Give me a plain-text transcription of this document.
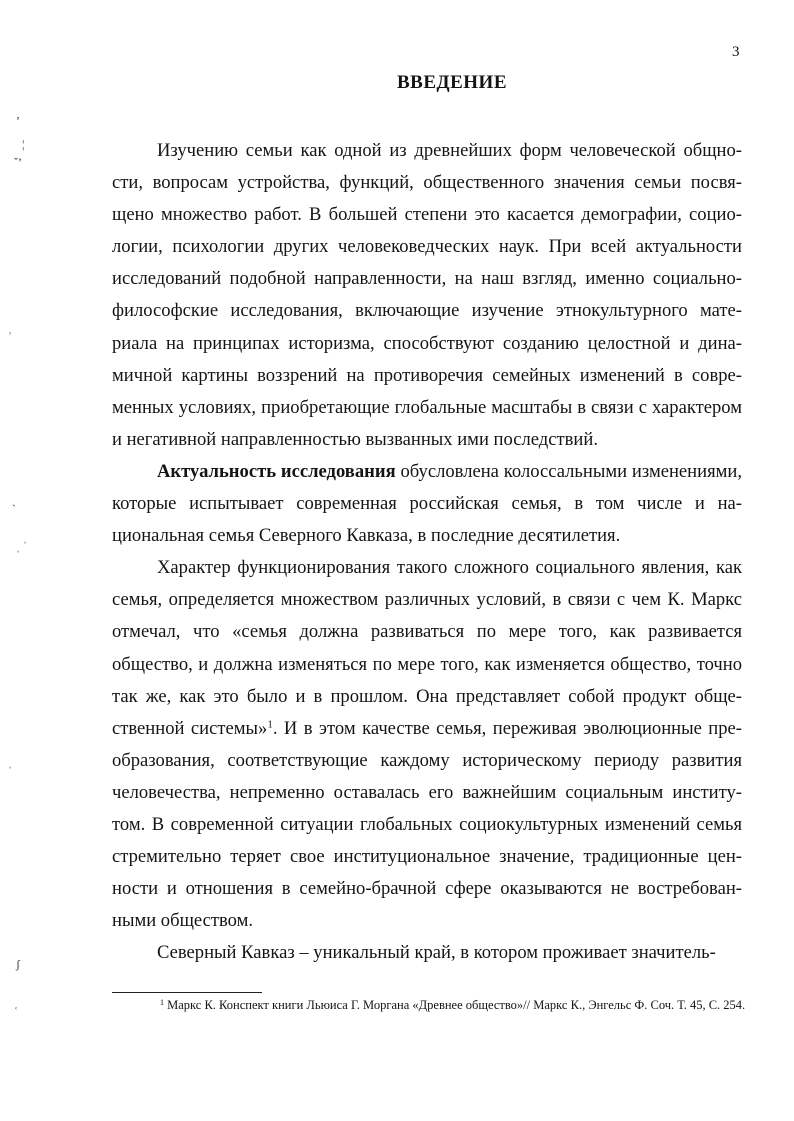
3
ВВЕДЕНИЕ

Изучению семьи как одной из древнейших форм человеческой общности, вопросам устройства, функций, общественного значения семьи посвящено множество работ. В большей степени это касается демографии, социологии, психологии других человековедческих наук. При всей актуальности исследований подобной направленности, на наш взгляд, именно социально-философские исследования, включающие изучение этнокультурного материала на принципах историзма, способствуют созданию целостной и динамичной картины воззрений на противоречия семейных изменений в современных условиях, приобретающие глобальные масштабы в связи с характером и негативной направленностью вызванных ими последствий.

Актуальность исследования обусловлена колоссальными изменениями, которые испытывает современная российская семья, в том числе и национальная семья Северного Кавказа, в последние десятилетия.

Характер функционирования такого сложного социального явления, как семья, определяется множеством различных условий, в связи с чем К. Маркс отмечал, что «семья должна развиваться по мере того, как развивается общество, и должна изменяться по мере того, как изменяется общество, точно так же, как это было и в прошлом. Она представляет собой продукт общественной системы»$^1$. И в этом качестве семья, переживая эволюционные преобразования, соответствующие каждому историческому периоду развития человечества, непременно оставалась его важнейшим социальным институтом. В современной ситуации глобальных социокультурных изменений семья стремительно теряет свое институциональное значение, традиционные ценности и отношения в семейно-брачной сфере оказываются не востребованными обществом.

Северный Кавказ – уникальный край, в котором проживает значитель-

$^1$ Маркс К. Конспект книги Льюиса Г. Моргана «Древнее общество»// Маркс К., Энгельс Ф. Соч. Т. 45, С. 254.
‚
¦
ˇ’
˒
`
ˌ ˈ
ˈ
ʃ
˓
